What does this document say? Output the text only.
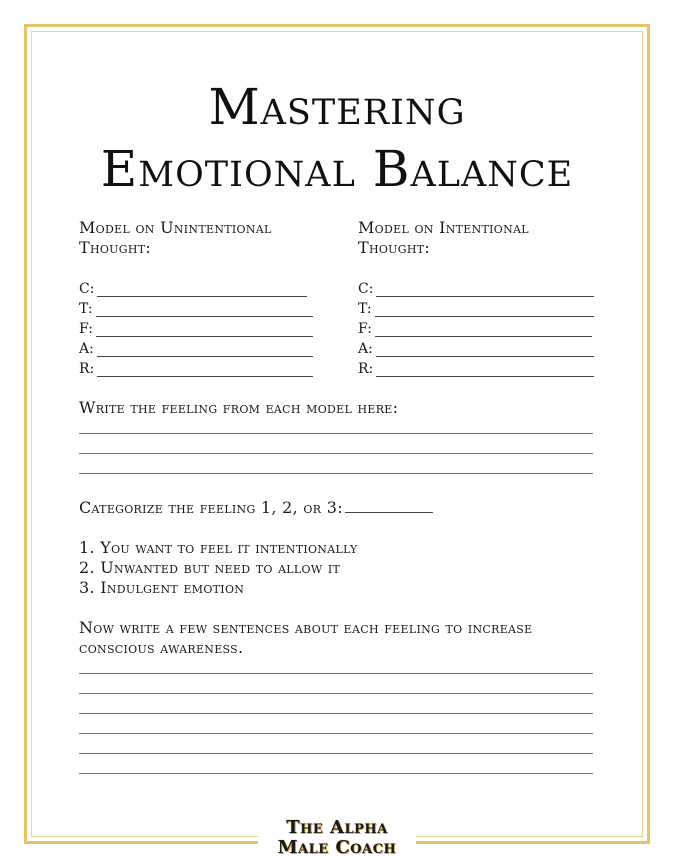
Mastering
Emotional Balance
Model on Unintentional
Thought:
Model on Intentional
Thought:
C:
T:
F:
A:
R:
C:
T:
F:
A:
R:
Write the feeling from each model here:
Categorize the feeling 1, 2, or 3:
1. You want to feel it intentionally
2. Unwanted but need to allow it
3. Indulgent emotion
Now write a few sentences about each feeling to increase
conscious awareness.
The Alpha
Male Coach
